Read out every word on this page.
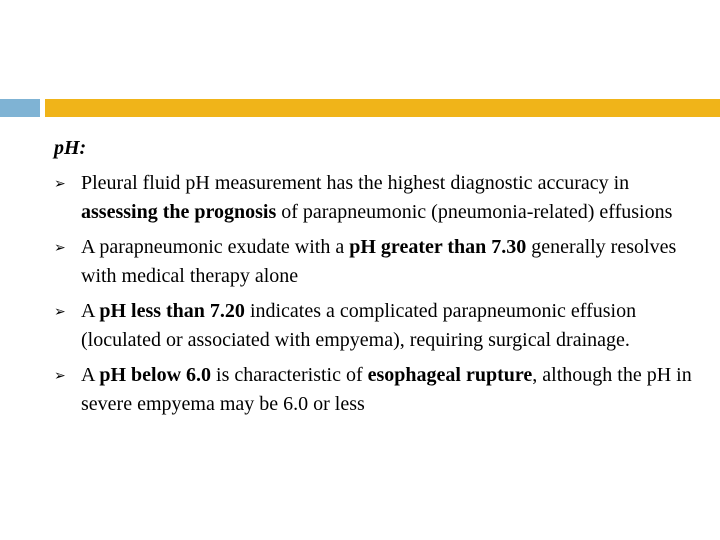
pH:
➢ Pleural fluid pH measurement has the highest diagnostic accuracy in assessing the prognosis of parapneumonic (pneumonia-related) effusions
➢ A parapneumonic exudate with a pH greater than 7.30 generally resolves with medical therapy alone
➢ A pH less than 7.20 indicates a complicated parapneumonic effusion (loculated or associated with empyema), requiring surgical drainage.
➢ A pH below 6.0 is characteristic of esophageal rupture, although the pH in severe empyema may be 6.0 or less
